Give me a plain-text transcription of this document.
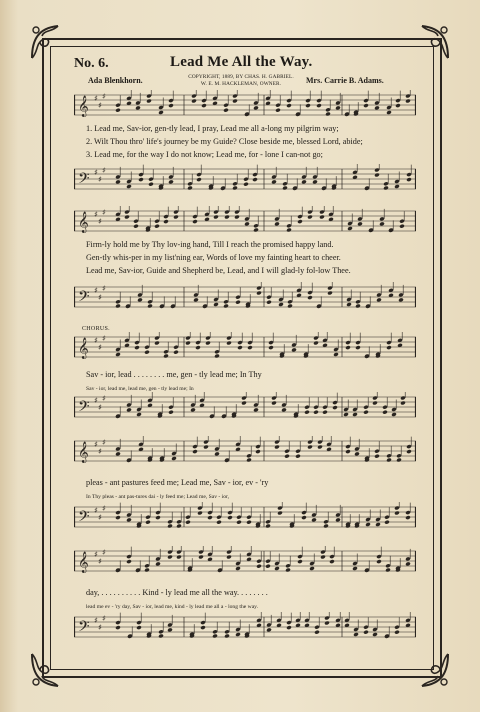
No. 6.	Lead Me All the Way.
Ada Blenkhorn.	COPYRIGHT, 1889, BY CHAS. H. GABRIEL.
W. E. M. HACKLEMAN, OWNER.	Mrs. Carrie B. Adams.
𝄞 ♯
♯
♯
1. Lead me, Sav-ior, gen-tly lead, I pray, Lead me all a-long my pilgrim way;
2. Wilt Thou thro' life's journey be my Guide? Close beside me, blessed Lord, abide;
3. Lead me, for the way I do not know; Lead me, for - lone I can-not go;
𝄢 ♯
♯
♯
𝄞 ♯
♯
♯
Firm-ly hold me by Thy lov-ing hand, Till I reach the promised happy land.
Gen-tly whis-per in my list'ning ear, Words of love my fainting heart to cheer.
Lead me, Sav-ior, Guide and Shepherd be, Lead, and I will glad-ly fol-low Thee.
𝄢 ♯
♯
♯
CHORUS.
𝄞 ♯
♯
♯
Sav - ior, lead . . . . . . . . me, gen - tly lead me; In Thy
Sav - ior, lead me, lead me, gen - tly lead me; In
𝄢 ♯
♯
♯
𝄞 ♯
♯
♯
pleas - ant pastures feed me; Lead me, Sav - ior, ev - 'ry
In Thy pleas - ant pas-tures dai - ly feed me; Lead me, Sav - ior,
𝄢 ♯
♯
♯
𝄞 ♯
♯
♯
day, . . . . . . . . . . Kind - ly lead me all the way. . . . . . . .
lead me ev - 'ry day, Sav - ior, lead me, kind - ly lead me all a - long the way.
𝄢 ♯
♯
♯
